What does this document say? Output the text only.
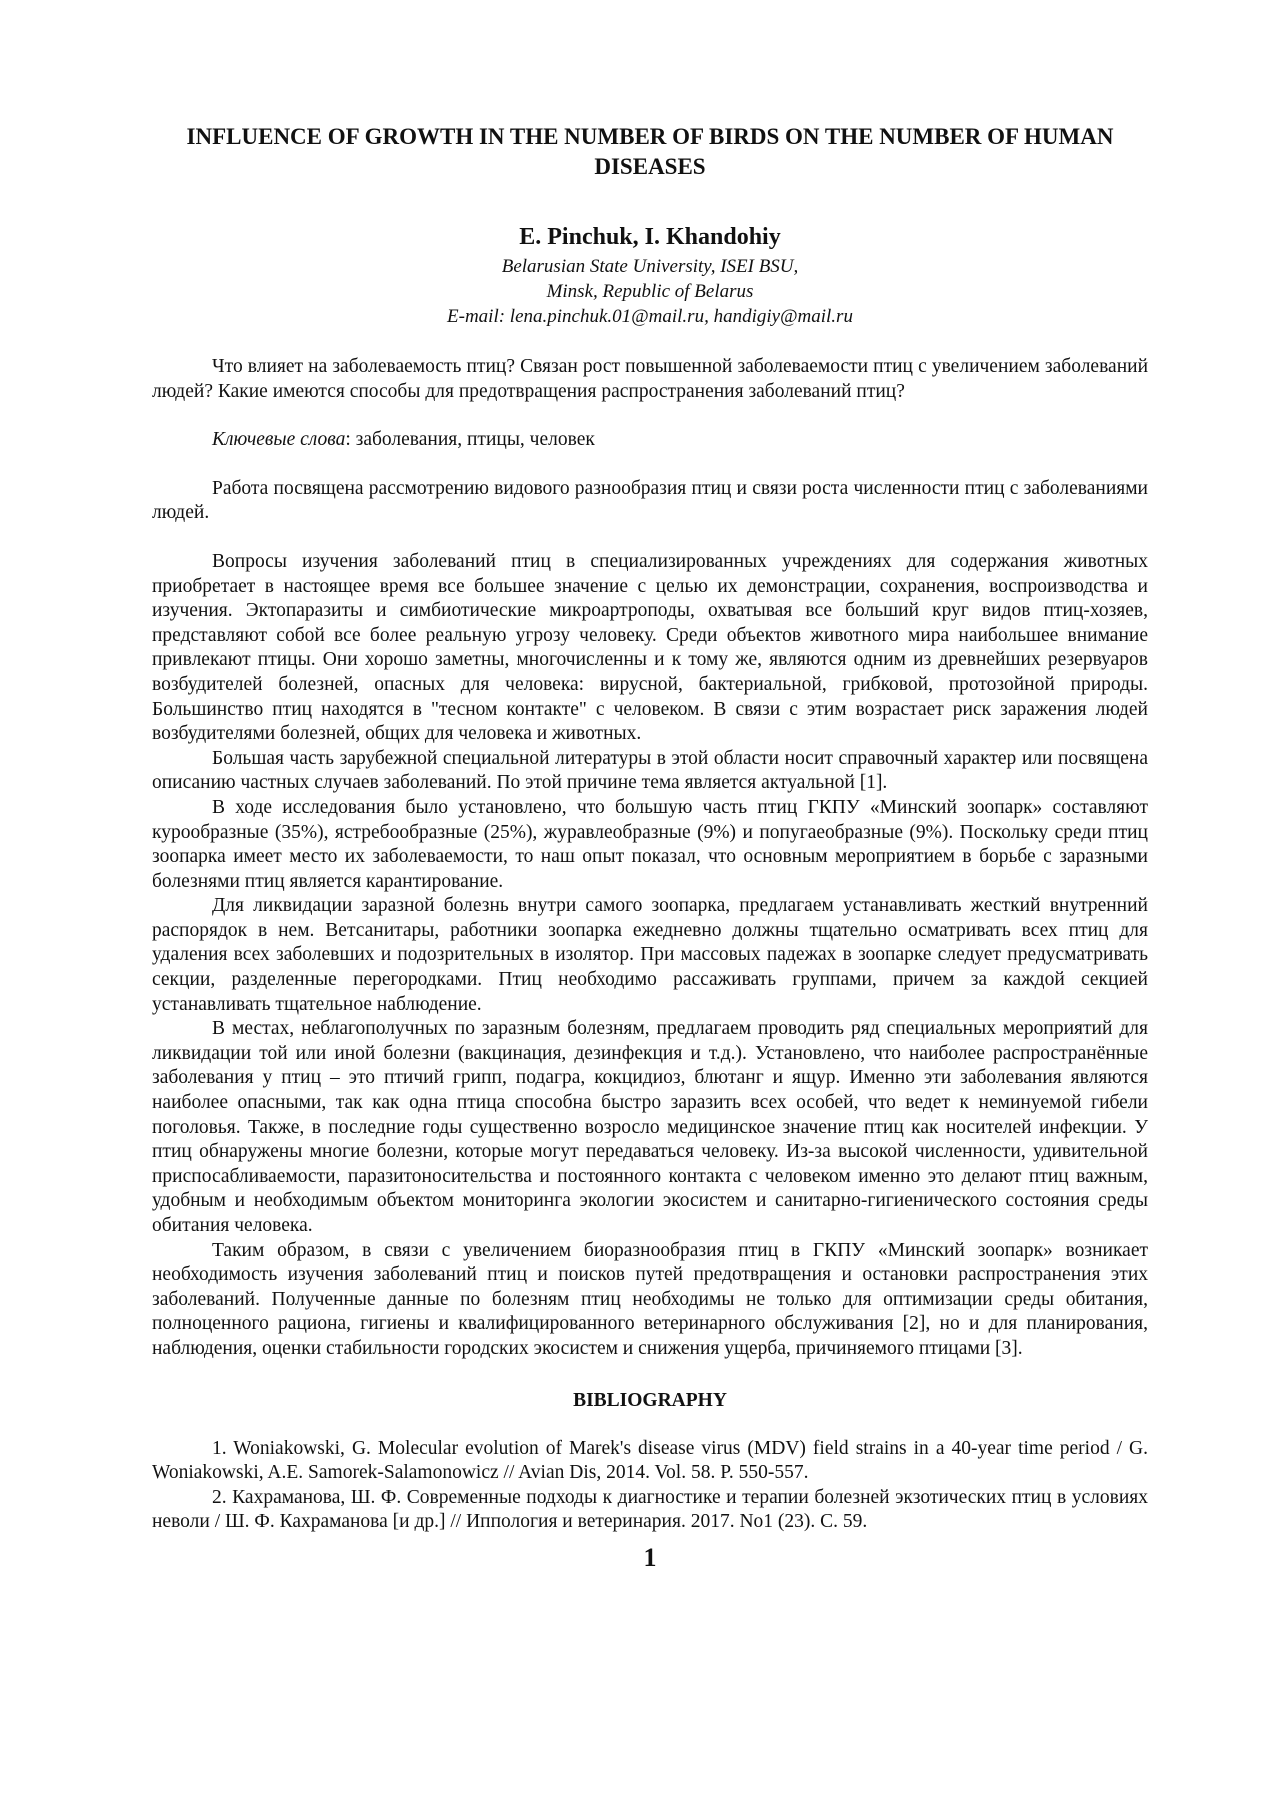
INFLUENCE OF GROWTH IN THE NUMBER OF BIRDS ON THE NUMBER OF HUMAN DISEASES
E. Pinchuk, I. Khandohiy

Belarusian State University, ISEI BSU,

Minsk, Republic of Belarus

E-mail: lena.pinchuk.01@mail.ru, handigiy@mail.ru

Что влияет на заболеваемость птиц? Связан рост повышенной заболеваемости птиц с увеличением заболеваний людей? Какие имеются способы для предотвращения распространения заболеваний птиц?

Ключевые слова: заболевания, птицы, человек

Работа посвящена рассмотрению видового разнообразия птиц и связи роста численности птиц с заболеваниями людей.

Вопросы изучения заболеваний птиц в специализированных учреждениях для содержания животных приобретает в настоящее время все большее значение с целью их демонстрации, сохранения, воспроизводства и изучения. Эктопаразиты и симбиотические микроартроподы, охватывая все больший круг видов птиц-хозяев, представляют собой все более реальную угрозу человеку. Среди объектов животного мира наибольшее внимание привлекают птицы. Они хорошо заметны, многочисленны и к тому же, являются одним из древнейших резервуаров возбудителей болезней, опасных для человека: вирусной, бактериальной, грибковой, протозойной природы. Большинство птиц находятся в "тесном контакте" с человеком. В связи с этим возрастает риск заражения людей возбудителями болезней, общих для человека и животных.

Большая часть зарубежной специальной литературы в этой области носит справочный характер или посвящена описанию частных случаев заболеваний. По этой причине тема является актуальной [1].

В ходе исследования было установлено, что большую часть птиц ГКПУ «Минский зоопарк» составляют курообразные (35%), ястребообразные (25%), журавлеобразные (9%) и попугаеобразные (9%). Поскольку среди птиц зоопарка имеет место их заболеваемости, то наш опыт показал, что основным мероприятием в борьбе с заразными болезнями птиц является карантирование.

Для ликвидации заразной болезнь внутри самого зоопарка, предлагаем устанавливать жесткий внутренний распорядок в нем. Ветсанитары, работники зоопарка ежедневно должны тщательно осматривать всех птиц для удаления всех заболевших и подозрительных в изолятор. При массовых падежах в зоопарке следует предусматривать секции, разделенные перегородками. Птиц необходимо рассаживать группами, причем за каждой секцией устанавливать тщательное наблюдение.

В местах, неблагополучных по заразным болезням, предлагаем проводить ряд специальных мероприятий для ликвидации той или иной болезни (вакцинация, дезинфекция и т.д.). Установлено, что наиболее распространённые заболевания у птиц – это птичий грипп, подагра, кокцидиоз, блютанг и ящур. Именно эти заболевания являются наиболее опасными, так как одна птица способна быстро заразить всех особей, что ведет к неминуемой гибели поголовья. Также, в последние годы существенно возросло медицинское значение птиц как носителей инфекции. У птиц обнаружены многие болезни, которые могут передаваться человеку. Из-за высокой численности, удивительной приспосабливаемости, паразитоносительства и постоянного контакта с человеком именно это делают птиц важным, удобным и необходимым объектом мониторинга экологии экосистем и санитарно-гигиенического состояния среды обитания человека.

Таким образом, в связи с увеличением биоразнообразия птиц в ГКПУ «Минский зоопарк» возникает необходимость изучения заболеваний птиц и поисков путей предотвращения и остановки распространения этих заболеваний. Полученные данные по болезням птиц необходимы не только для оптимизации среды обитания, полноценного рациона, гигиены и квалифицированного ветеринарного обслуживания [2], но и для планирования, наблюдения, оценки стабильности городских экосистем и снижения ущерба, причиняемого птицами [3].

BIBLIOGRAPHY

1. Woniakowski, G. Molecular evolution of Marek's disease virus (MDV) field strains in a 40-year time period / G. Woniakowski, A.E. Samorek-Salamonowicz // Avian Dis, 2014. Vol. 58. P. 550-557.

2. Кахраманова, Ш. Ф. Современные подходы к диагностике и терапии болезней экзотических птиц в условиях неволи / Ш. Ф. Кахраманова [и др.] // Иппология и ветеринария. 2017. No1 (23). С. 59.

1
